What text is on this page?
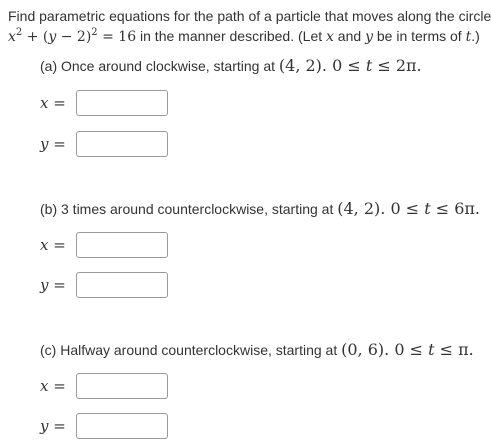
Find parametric equations for the path of a particle that moves along the circle
$x^2 + (y - 2)^2 = 16$ in the manner described. (Let x and y be in terms of t.)
(a) Once around clockwise, starting at (4, 2). 0 ≤ t ≤ 2π.
x =
y =
(b) 3 times around counterclockwise, starting at (4, 2). 0 ≤ t ≤ 6π.
x =
y =
(c) Halfway around counterclockwise, starting at (0, 6). 0 ≤ t ≤ π.
x =
y =
